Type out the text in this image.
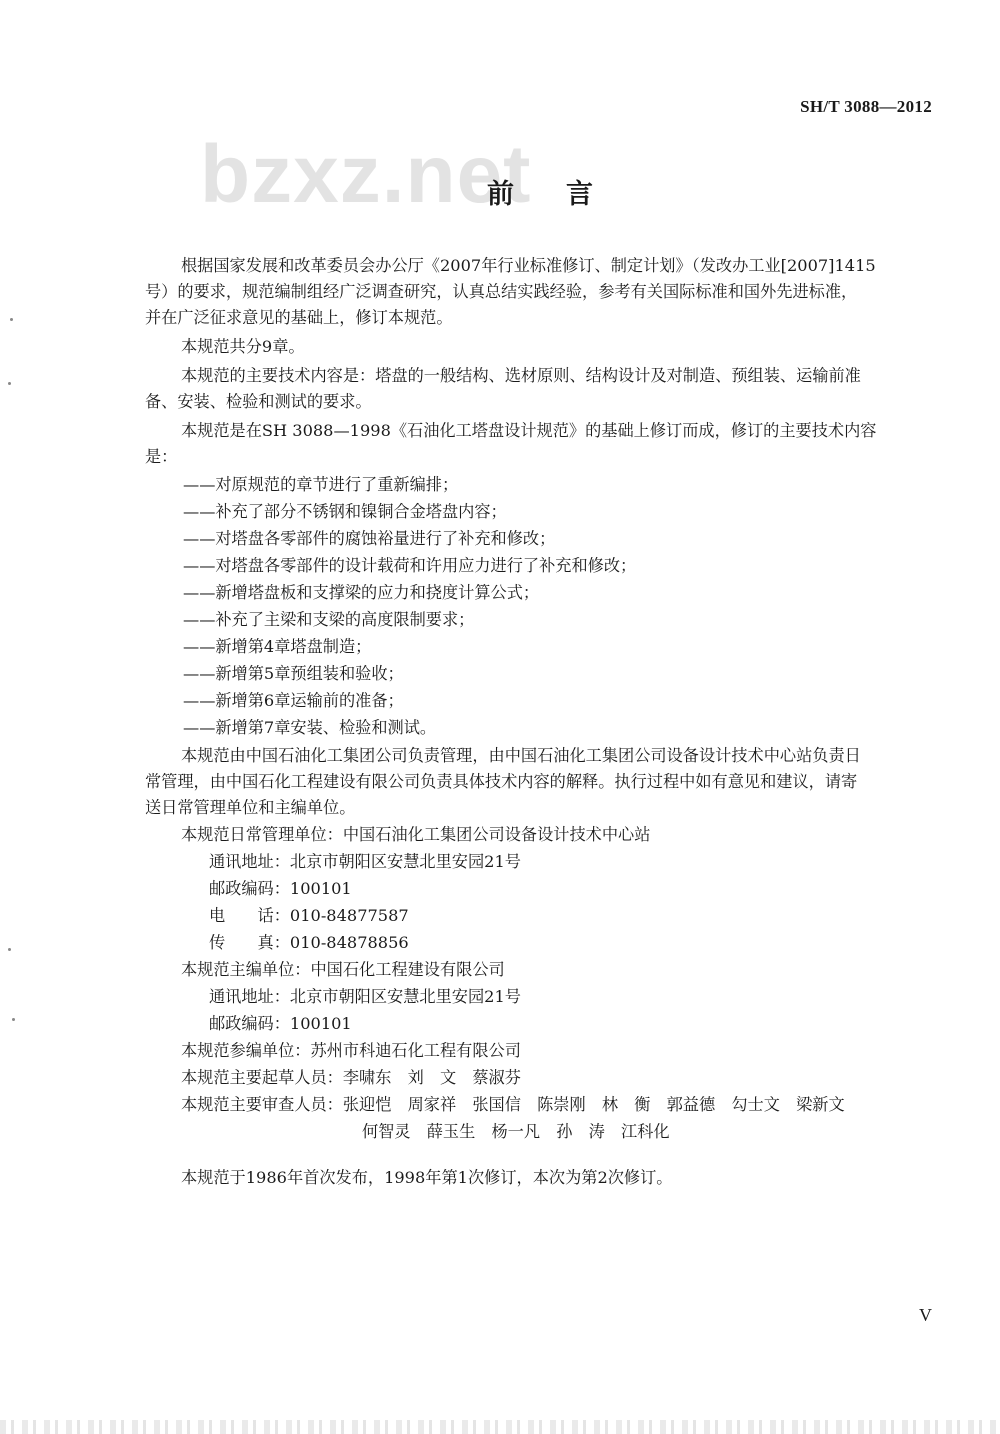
SH/T 3088—2012
bzxz.net
前言
根据国家发展和改革委员会办公厅《2007年行业标准修订、制定计划》（发改办工业[2007]1415
号）的要求，规范编制组经广泛调查研究，认真总结实践经验，参考有关国际标准和国外先进标准，
并在广泛征求意见的基础上，修订本规范。
本规范共分9章。
本规范的主要技术内容是：塔盘的一般结构、选材原则、结构设计及对制造、预组装、运输前准
备、安装、检验和测试的要求。
本规范是在SH 3088—1998《石油化工塔盘设计规范》的基础上修订而成，修订的主要技术内容
是：
——对原规范的章节进行了重新编排；
——补充了部分不锈钢和镍铜合金塔盘内容；
——对塔盘各零部件的腐蚀裕量进行了补充和修改；
——对塔盘各零部件的设计载荷和许用应力进行了补充和修改；
——新增塔盘板和支撑梁的应力和挠度计算公式；
——补充了主梁和支梁的高度限制要求；
——新增第4章塔盘制造；
——新增第5章预组装和验收；
——新增第6章运输前的准备；
——新增第7章安装、检验和测试。
本规范由中国石油化工集团公司负责管理，由中国石油化工集团公司设备设计技术中心站负责日
常管理，由中国石化工程建设有限公司负责具体技术内容的解释。执行过程中如有意见和建议，请寄
送日常管理单位和主编单位。
本规范日常管理单位：中国石油化工集团公司设备设计技术中心站
通讯地址：北京市朝阳区安慧北里安园21号
邮政编码：100101
电　　话：010-84877587
传　　真：010-84878856
本规范主编单位：中国石化工程建设有限公司
通讯地址：北京市朝阳区安慧北里安园21号
邮政编码：100101
本规范参编单位：苏州市科迪石化工程有限公司
本规范主要起草人员：李啸东　刘　文　蔡淑芬
本规范主要审查人员：张迎恺　周家祥　张国信　陈崇刚　林　衡　郭益德　勾士文　梁新文
何智灵　薛玉生　杨一凡　孙　涛　江科化
本规范于1986年首次发布，1998年第1次修订，本次为第2次修订。
V
